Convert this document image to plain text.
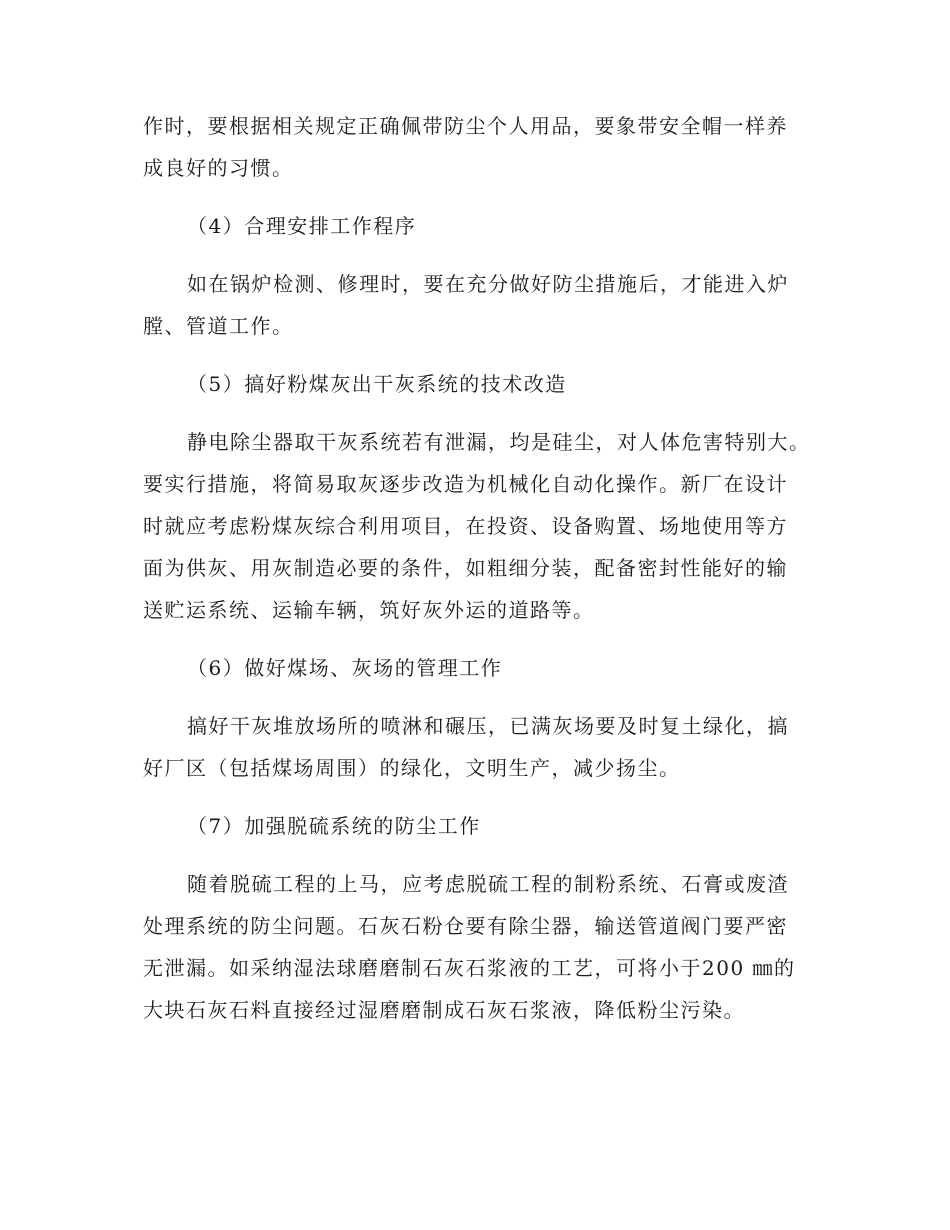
作时，要根据相关规定正确佩带防尘个人用品，要象带安全帽一样养
成良好的习惯。
（4）合理安排工作程序
如在锅炉检测、修理时，要在充分做好防尘措施后，才能进入炉
膛、管道工作。
（5）搞好粉煤灰出干灰系统的技术改造
静电除尘器取干灰系统若有泄漏，均是硅尘，对人体危害特别大。
要实行措施，将简易取灰逐步改造为机械化自动化操作。新厂在设计
时就应考虑粉煤灰综合利用项目，在投资、设备购置、场地使用等方
面为供灰、用灰制造必要的条件，如粗细分装，配备密封性能好的输
送贮运系统、运输车辆，筑好灰外运的道路等。
（6）做好煤场、灰场的管理工作
搞好干灰堆放场所的喷淋和碾压，已满灰场要及时复土绿化，搞
好厂区（包括煤场周围）的绿化，文明生产，减少扬尘。
（7）加强脱硫系统的防尘工作
随着脱硫工程的上马，应考虑脱硫工程的制粉系统、石膏或废渣
处理系统的防尘问题。石灰石粉仓要有除尘器，输送管道阀门要严密
无泄漏。如采纳湿法球磨磨制石灰石浆液的工艺，可将小于200 ㎜的
大块石灰石料直接经过湿磨磨制成石灰石浆液，降低粉尘污染。
